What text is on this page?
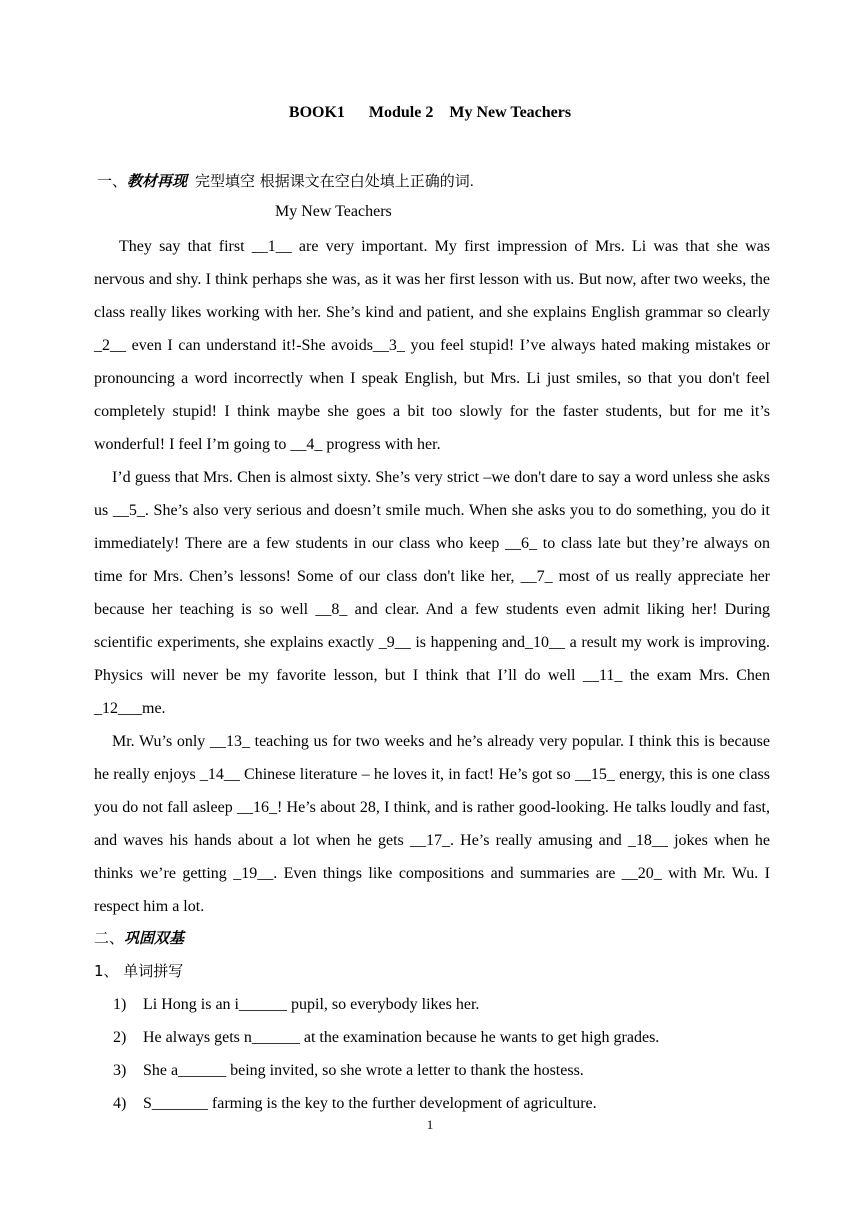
BOOK1      Module 2    My New Teachers
一、教材再现 完型填空 根据课文在空白处填上正确的词.
My New Teachers

They say that first __1__ are very important. My first impression of Mrs. Li was that she was nervous and shy. I think perhaps she was, as it was her first lesson with us. But now, after two weeks, the class really likes working with her. She’s kind and patient, and she explains English grammar so clearly _2__ even I can understand it!-She avoids__3_ you feel stupid! I’ve always hated making mistakes or pronouncing a word incorrectly when I speak English, but Mrs. Li just smiles, so that you don't feel completely stupid! I think maybe she goes a bit too slowly for the faster students, but for me it’s wonderful! I feel I’m going to __4_ progress with her.

I’d guess that Mrs. Chen is almost sixty. She’s very strict –we don't dare to say a word unless she asks us __5_. She’s also very serious and doesn’t smile much. When she asks you to do something, you do it immediately! There are a few students in our class who keep __6_ to class late but they’re always on time for Mrs. Chen’s lessons! Some of our class don't like her, __7_ most of us really appreciate her because her teaching is so well __8_ and clear. And a few students even admit liking her! During scientific experiments, she explains exactly _9__ is happening and_10__ a result my work is improving. Physics will never be my favorite lesson, but I think that I’ll do well __11_ the exam Mrs. Chen _12___me.

Mr. Wu’s only __13_ teaching us for two weeks and he’s already very popular. I think this is because he really enjoys _14__ Chinese literature – he loves it, in fact! He’s got so __15_ energy, this is one class you do not fall asleep __16_! He’s about 28, I think, and is rather good-looking. He talks loudly and fast, and waves his hands about a lot when he gets __17_. He’s really amusing and _18__ jokes when he thinks we’re getting _19__. Even things like compositions and summaries are __20_ with Mr. Wu. I respect him a lot.

二、巩固双基
1、 单词拼写
1)	Li Hong is an i______ pupil, so everybody likes her.
2)	He always gets n______ at the examination because he wants to get high grades.
3)	She a______ being invited, so she wrote a letter to thank the hostess.
4)	S_______ farming is the key to the further development of agriculture.
1
